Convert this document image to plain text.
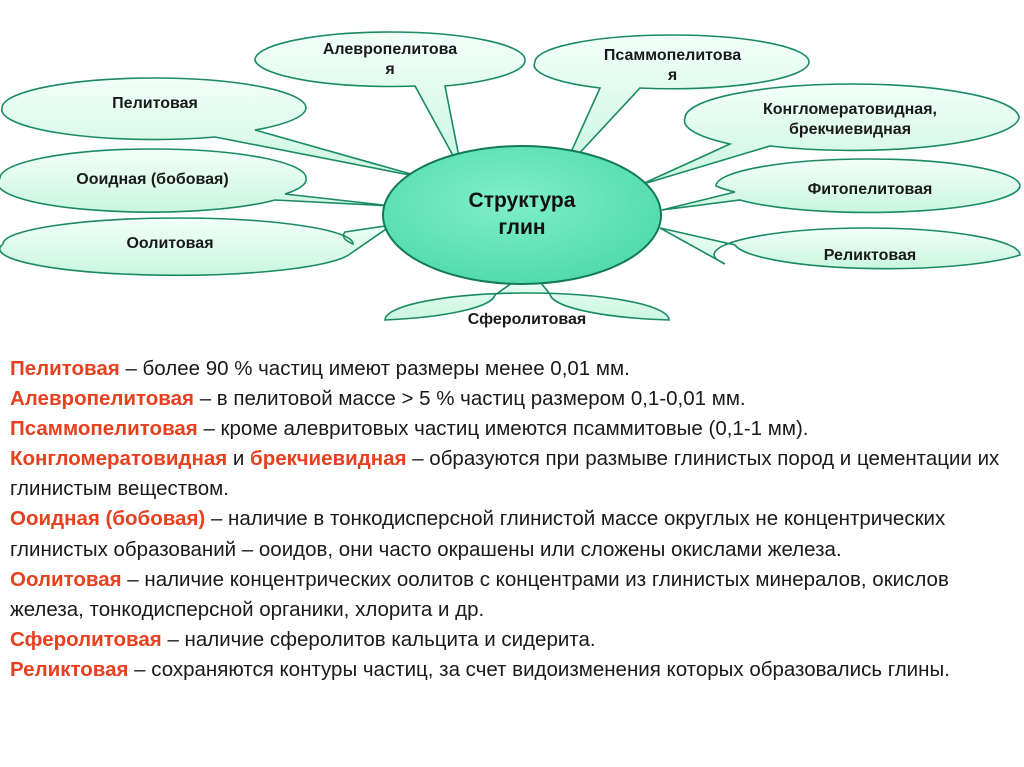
Алевропелитова
я
Псаммопелитова
я
Пелитовая	Конгломератовидная,
брекчиевидная
Ооидная (бобовая)
Фитопелитовая
Оолитовая
Реликтовая
Сферолитовая
Структура
глин

Пелитовая – более 90 % частиц имеют размеры менее 0,01 мм.

Алевропелитовая – в пелитовой массе > 5 % частиц размером 0,1-0,01 мм.

Псаммопелитовая – кроме алевритовых частиц имеются псаммитовые (0,1-1 мм).

Конгломератовидная и брекчиевидная – образуются при размыве глинистых пород и цементации их глинистым веществом.

Ооидная (бобовая) – наличие в тонкодисперсной глинистой массе округлых не концентрических глинистых образований – ооидов, они часто окрашены или сложены окислами железа.

Оолитовая – наличие концентрических оолитов с концентрами из глинистых минералов, окислов железа, тонкодисперсной органики, хлорита и др.

Сферолитовая – наличие сферолитов кальцита и сидерита.

Реликтовая – сохраняются контуры частиц, за счет видоизменения которых образовались глины.
